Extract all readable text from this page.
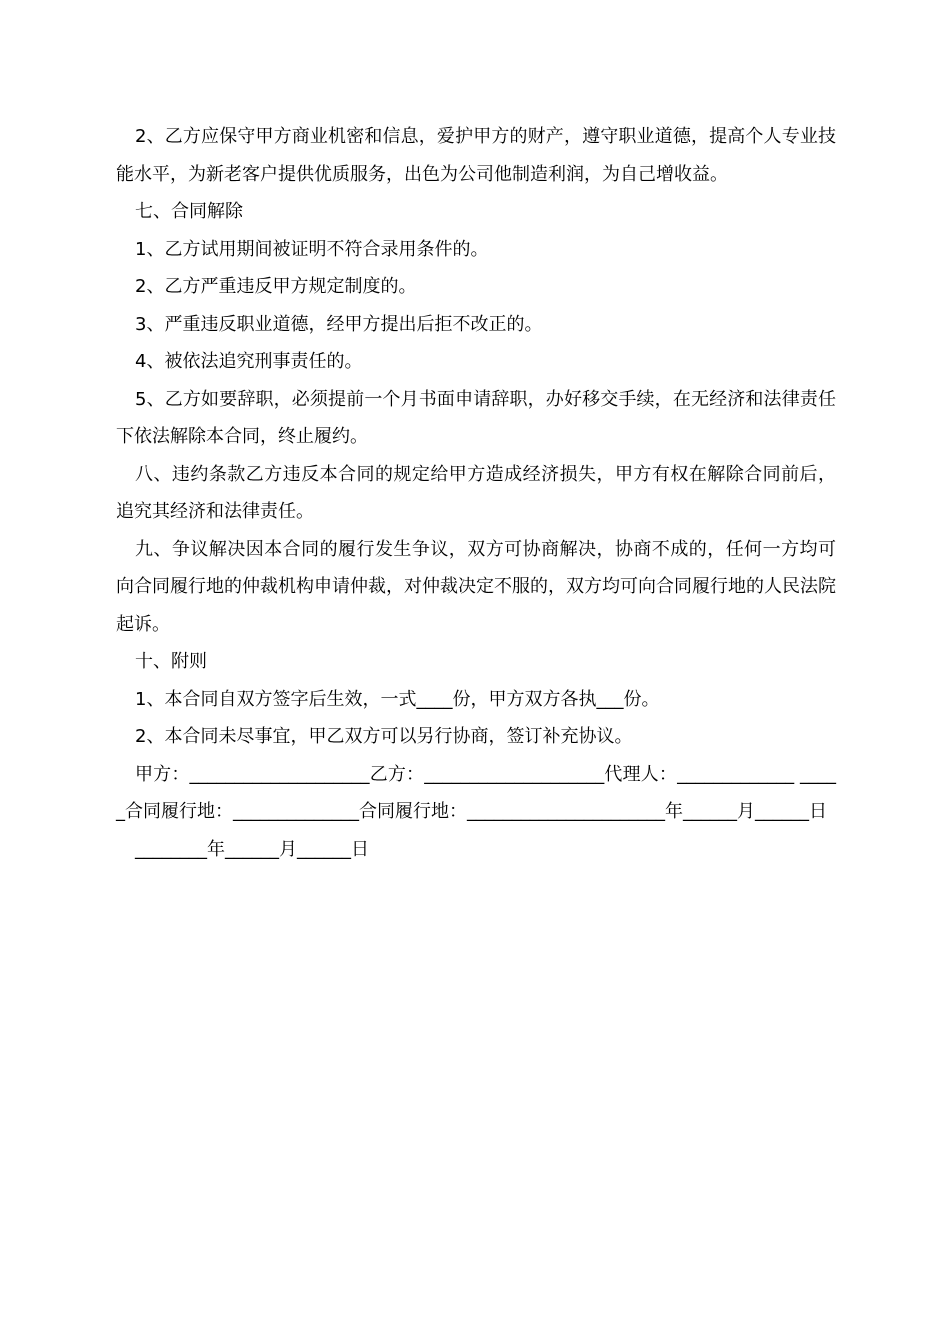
2、乙方应保守甲方商业机密和信息，爱护甲方的财产，遵守职业道德，提高个人专业技能水平，为新老客户提供优质服务，出色为公司他制造利润，为自己增收益。

七、合同解除

1、乙方试用期间被证明不符合录用条件的。

2、乙方严重违反甲方规定制度的。

3、严重违反职业道德，经甲方提出后拒不改正的。

4、被依法追究刑事责任的。

5、乙方如要辞职，必须提前一个月书面申请辞职，办好移交手续，在无经济和法律责任下依法解除本合同，终止履约。

八、违约条款乙方违反本合同的规定给甲方造成经济损失，甲方有权在解除合同前后，追究其经济和法律责任。

九、争议解决因本合同的履行发生争议，双方可协商解决，协商不成的，任何一方均可向合同履行地的仲裁机构申请仲裁，对仲裁决定不服的，双方均可向合同履行地的人民法院起诉。

十、附则

1、本合同自双方签字后生效，一式____份，甲方双方各执___份。

2、本合同未尽事宜，甲乙双方可以另行协商，签订补充协议。

甲方：____________________乙方：____________________代理人：_____________ _____合同履行地：______________合同履行地：______________________年______月______日

________年______月______日
